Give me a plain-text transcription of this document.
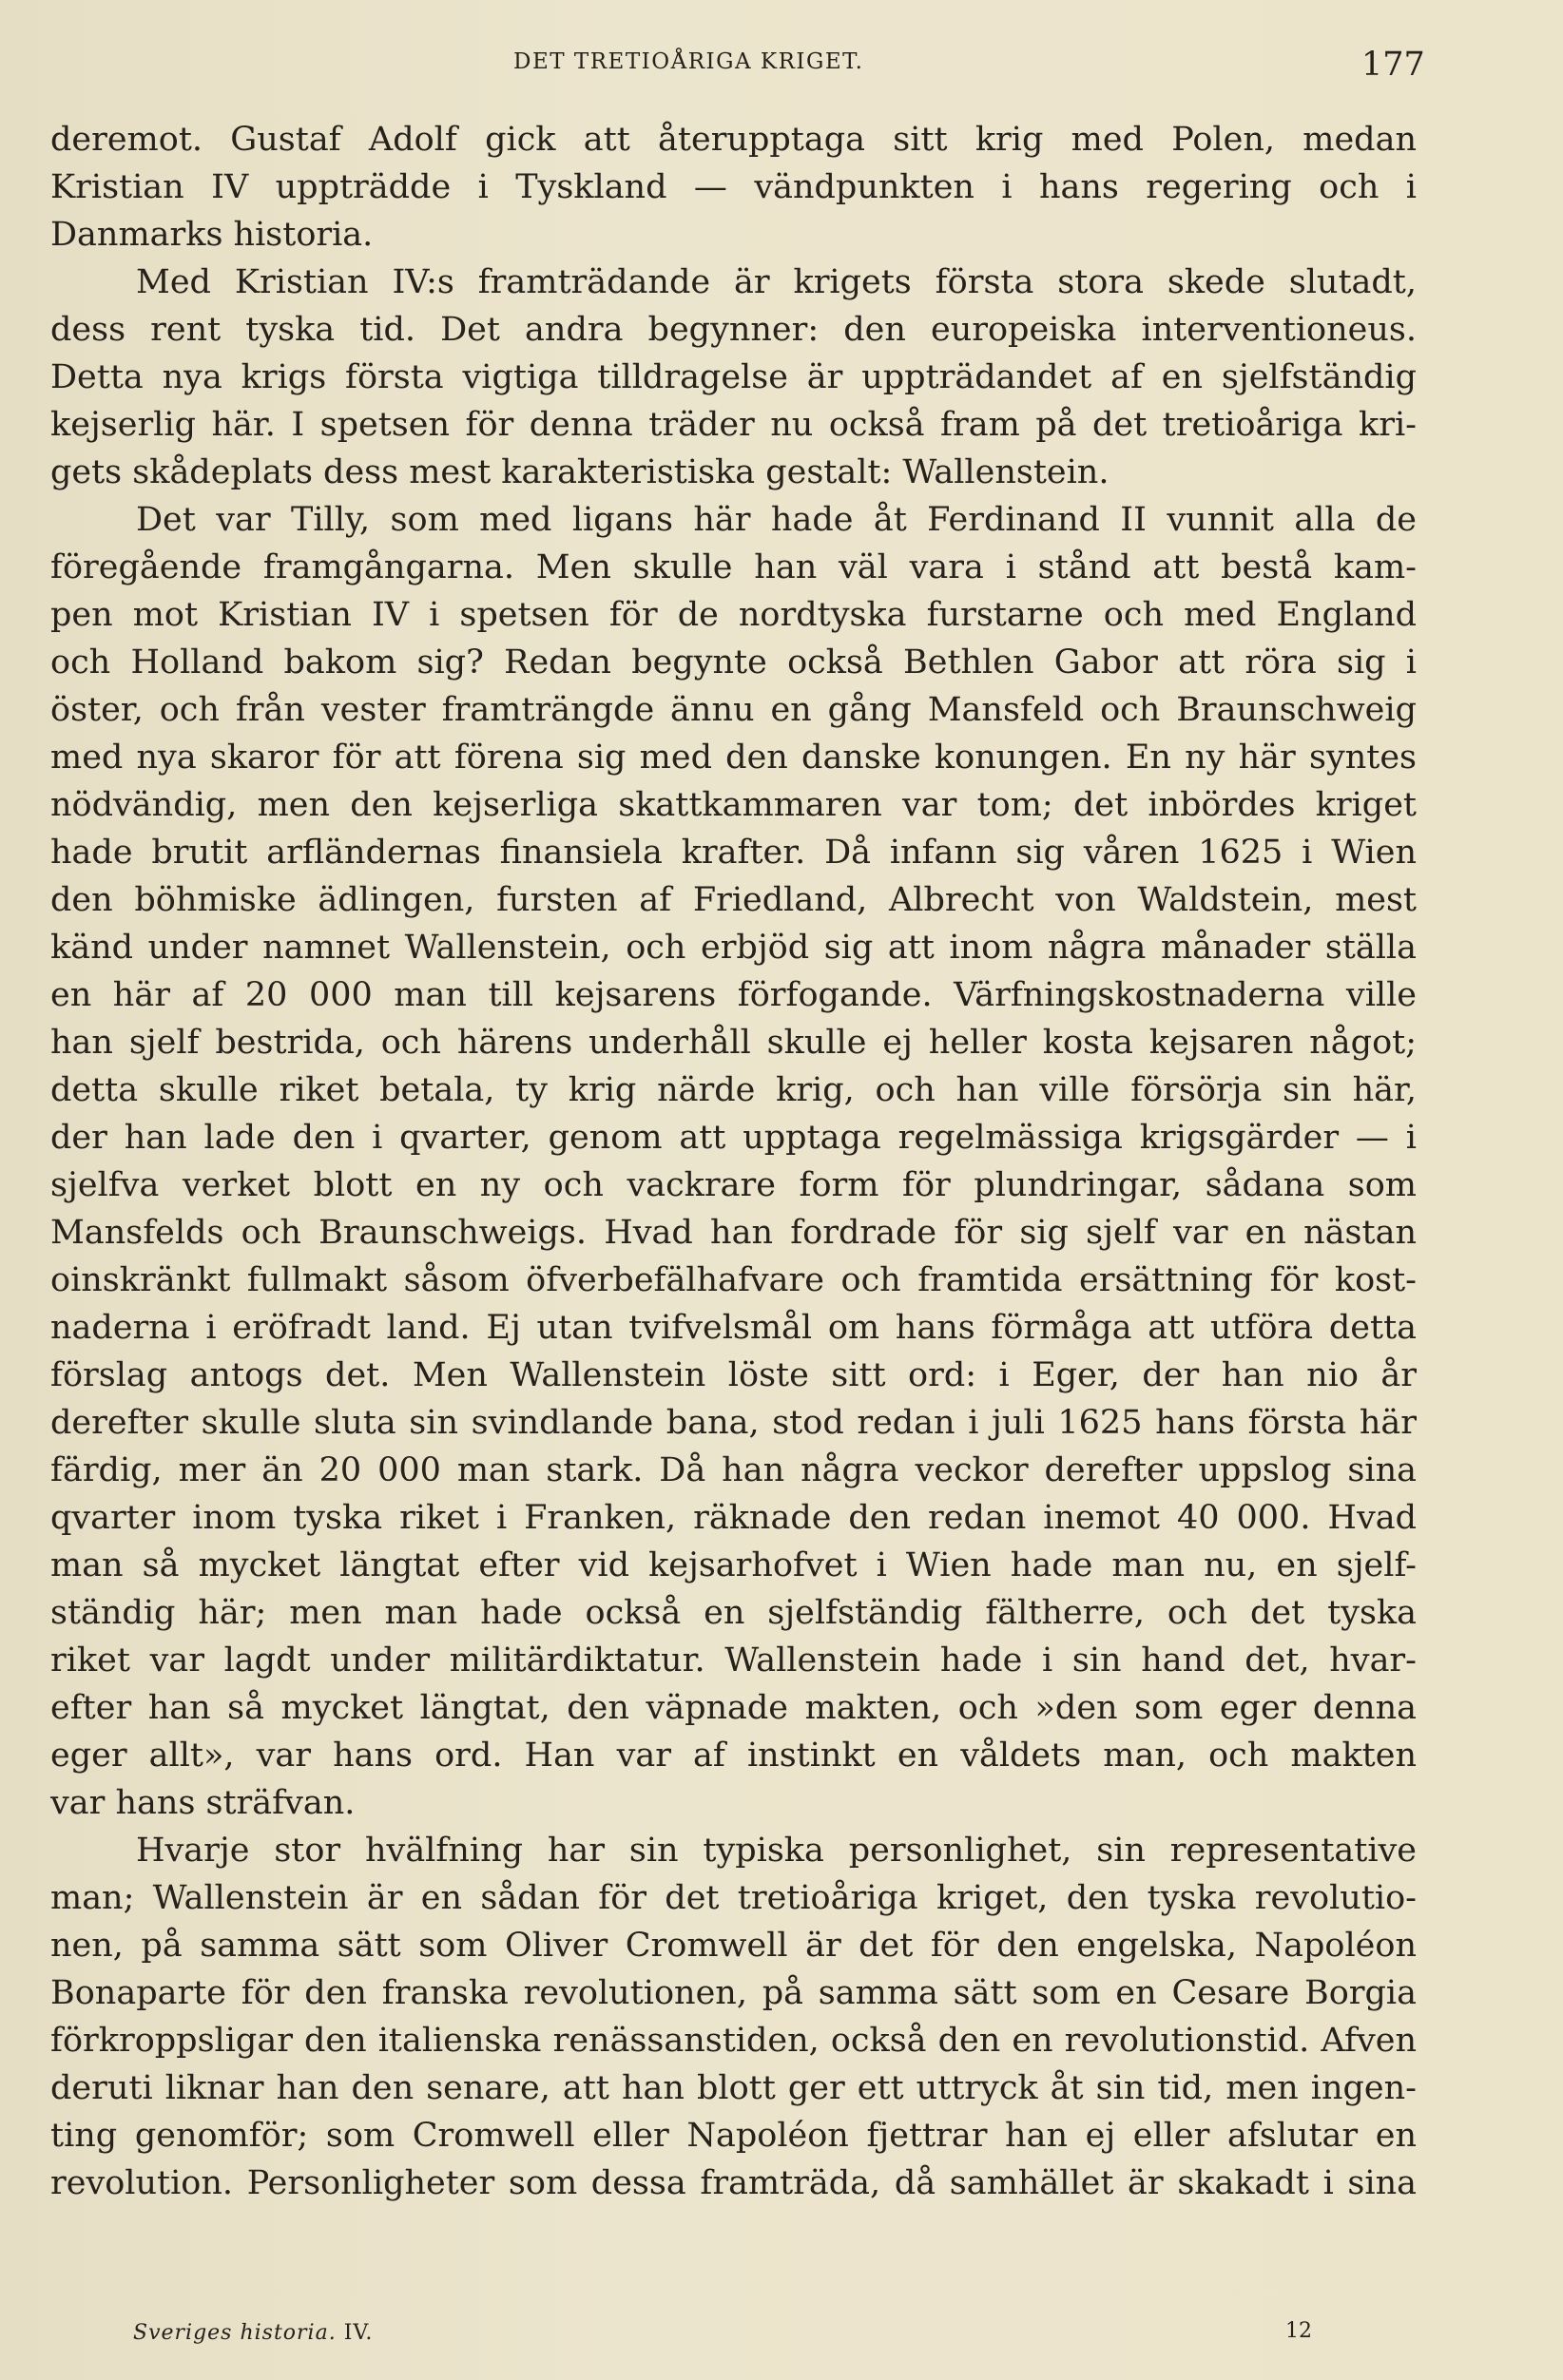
DET TRETIOÅRIGA KRIGET.	177
deremot. Gustaf Adolf gick att återupptaga sitt krig med Polen, medan
Kristian IV uppträdde i Tyskland — vändpunkten i hans regering och i
Danmarks historia.
Med Kristian IV:s framträdande är krigets första stora skede slutadt,
dess rent tyska tid. Det andra begynner: den europeiska interventioneus.
Detta nya krigs första vigtiga tilldragelse är uppträdandet af en sjelfständig
kejserlig här. I spetsen för denna träder nu också fram på det tretioåriga kri-
gets skådeplats dess mest karakteristiska gestalt: Wallenstein.
Det var Tilly, som med ligans här hade åt Ferdinand II vunnit alla de
föregående framgångarna. Men skulle han väl vara i stånd att bestå kam-
pen mot Kristian IV i spetsen för de nordtyska furstarne och med England
och Holland bakom sig? Redan begynte också Bethlen Gabor att röra sig i
öster, och från vester framträngde ännu en gång Mansfeld och Braunschweig
med nya skaror för att förena sig med den danske konungen. En ny här syntes
nödvändig, men den kejserliga skattkammaren var tom; det inbördes kriget
hade brutit arfländernas finansiela krafter. Då infann sig våren 1625 i Wien
den böhmiske ädlingen, fursten af Friedland, Albrecht von Waldstein, mest
känd under namnet Wallenstein, och erbjöd sig att inom några månader ställa
en här af 20 000 man till kejsarens förfogande. Värfningskostnaderna ville
han sjelf bestrida, och härens underhåll skulle ej heller kosta kejsaren något;
detta skulle riket betala, ty krig närde krig, och han ville försörja sin här,
der han lade den i qvarter, genom att upptaga regelmässiga krigsgärder — i
sjelfva verket blott en ny och vackrare form för plundringar, sådana som
Mansfelds och Braunschweigs. Hvad han fordrade för sig sjelf var en nästan
oinskränkt fullmakt såsom öfverbefälhafvare och framtida ersättning för kost-
naderna i eröfradt land. Ej utan tvifvelsmål om hans förmåga att utföra detta
förslag antogs det. Men Wallenstein löste sitt ord: i Eger, der han nio år
derefter skulle sluta sin svindlande bana, stod redan i juli 1625 hans första här
färdig, mer än 20 000 man stark. Då han några veckor derefter uppslog sina
qvarter inom tyska riket i Franken, räknade den redan inemot 40 000. Hvad
man så mycket längtat efter vid kejsarhofvet i Wien hade man nu, en sjelf-
ständig här; men man hade också en sjelfständig fältherre, och det tyska
riket var lagdt under militärdiktatur. Wallenstein hade i sin hand det, hvar-
efter han så mycket längtat, den väpnade makten, och »den som eger denna
eger allt», var hans ord. Han var af instinkt en våldets man, och makten
var hans sträfvan.
Hvarje stor hvälfning har sin typiska personlighet, sin representative
man; Wallenstein är en sådan för det tretioåriga kriget, den tyska revolutio-
nen, på samma sätt som Oliver Cromwell är det för den engelska, Napoléon
Bonaparte för den franska revolutionen, på samma sätt som en Cesare Borgia
förkroppsligar den italienska renässanstiden, också den en revolutionstid. Afven
deruti liknar han den senare, att han blott ger ett uttryck åt sin tid, men ingen-
ting genomför; som Cromwell eller Napoléon fjettrar han ej eller afslutar en
revolution. Personligheter som dessa framträda, då samhället är skakadt i sina
Sveriges historia. IV.	12
